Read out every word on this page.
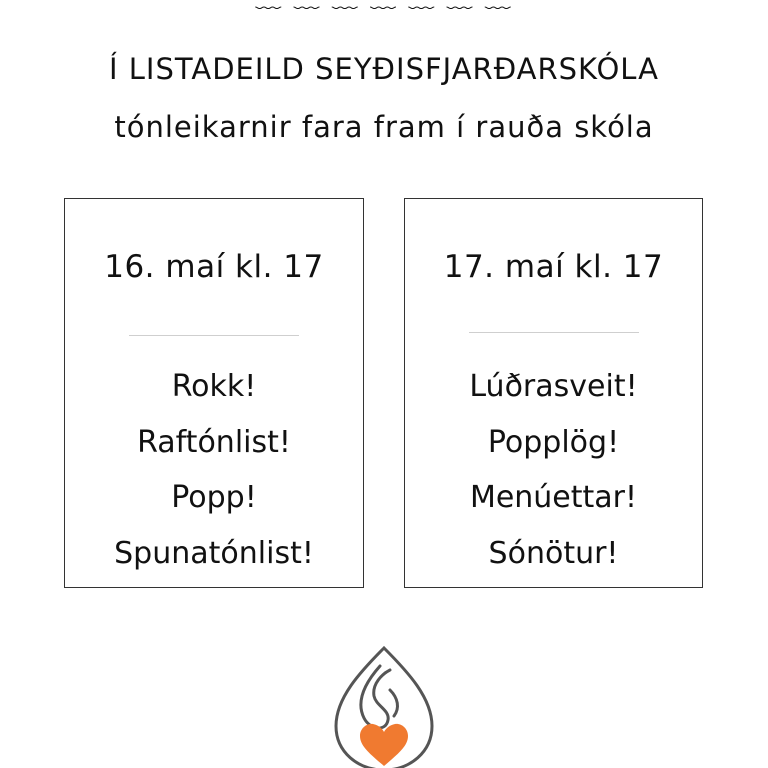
Í LISTADEILD SEYÐISFJARÐARSKÓLA
tónleikarnir fara fram í rauða skóla
16. maí kl. 17
Rokk!
Raftónlist!
Popp!
Spunatónlist!
17. maí kl. 17
Lúðrasveit!
Popplög!
Menúettar!
Sónötur!
